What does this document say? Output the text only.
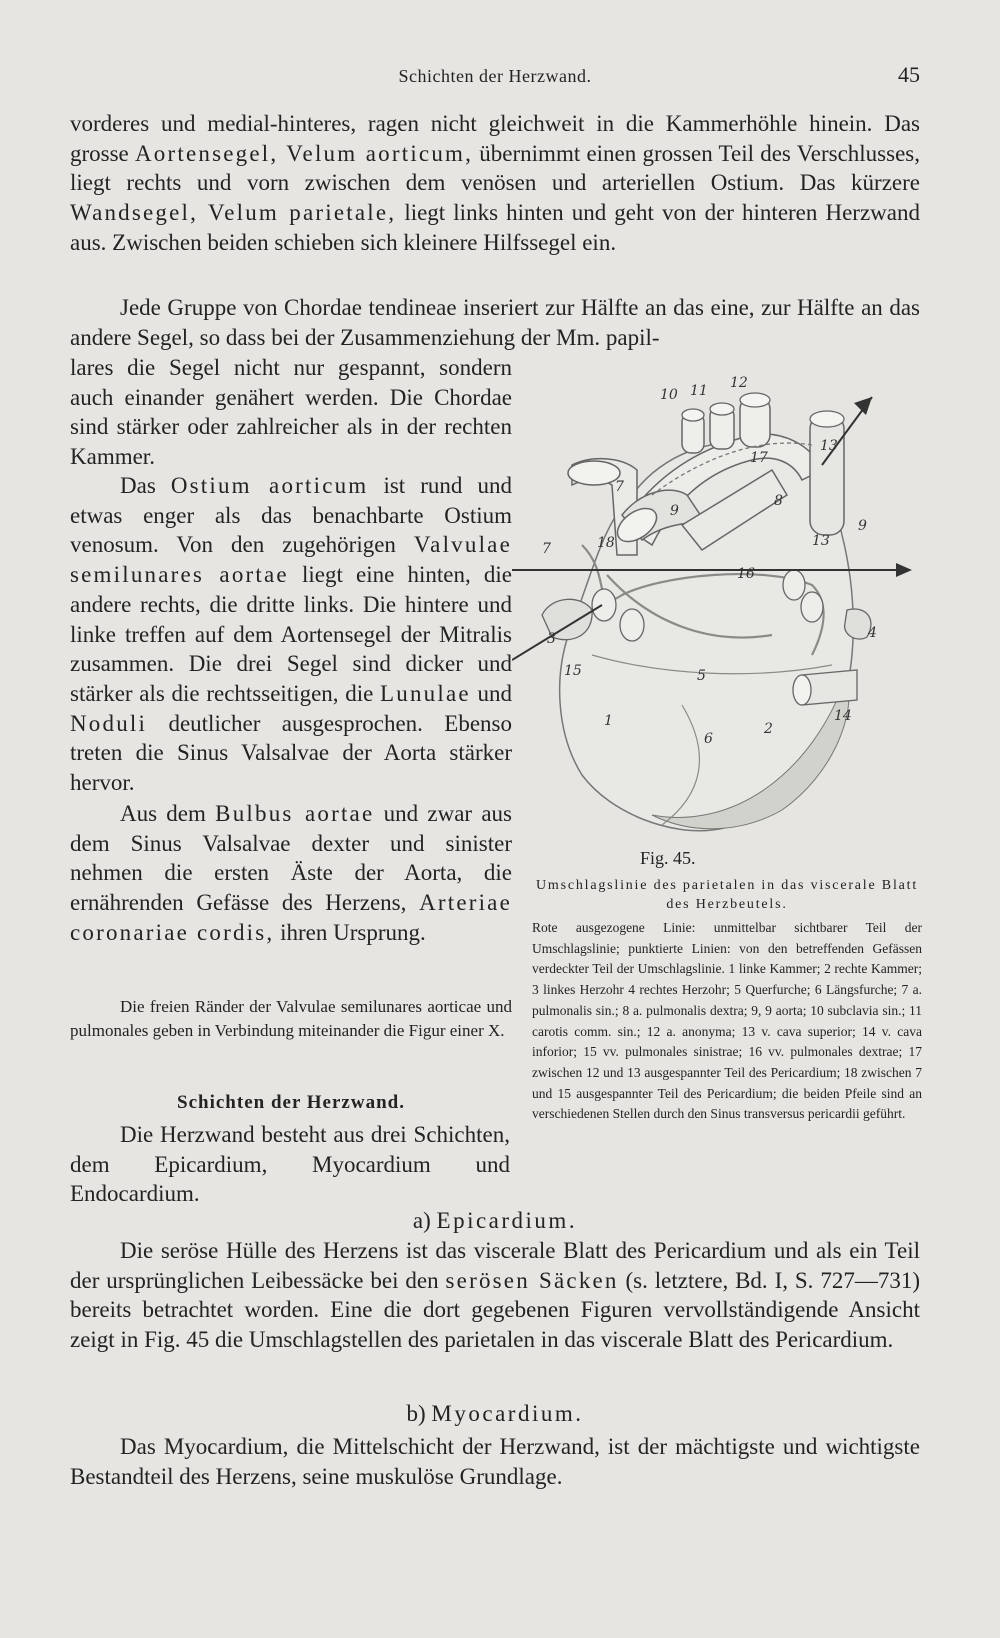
Schichten der Herzwand.	45
vorderes und medial-hinteres, ragen nicht gleichweit in die Kammerhöhle hinein. Das grosse Aortensegel, Velum aorticum, übernimmt einen grossen Teil des Verschlusses, liegt rechts und vorn zwischen dem venösen und arteriellen Ostium. Das kürzere Wandsegel, Velum parietale, liegt links hinten und geht von der hinteren Herzwand aus. Zwischen beiden schieben sich kleinere Hilfssegel ein.
Jede Gruppe von Chordae tendineae inseriert zur Hälfte an das eine, zur Hälfte an das andere Segel, so dass bei der Zusammenziehung der Mm. papil-
lares die Segel nicht nur gespannt, sondern auch einander genähert werden. Die Chordae sind stärker oder zahlreicher als in der rechten Kammer.
Das Ostium aorticum ist rund und etwas enger als das benachbarte Ostium venosum. Von den zugehörigen Valvulae semilunares aortae liegt eine hinten, die andere rechts, die dritte links. Die hintere und linke treffen auf dem Aortensegel der Mitralis zusammen. Die drei Segel sind dicker und stärker als die rechtsseitigen, die Lunulae und Noduli deutlicher ausgesprochen. Ebenso treten die Sinus Valsalvae der Aorta stärker hervor.
Aus dem Bulbus aortae und zwar aus dem Sinus Valsalvae dexter und sinister nehmen die ersten Äste der Aorta, die ernährenden Gefässe des Herzens, Arteriae coronariae cordis, ihren Ursprung.
Die freien Ränder der Valvulae semilunares aorticae und pulmonales geben in Verbindung miteinander die Figur einer X.
Schichten der Herzwand.
Die Herzwand besteht aus drei Schichten, dem Epicardium, Myocardium und Endocardium.
a) Epicardium.
Die seröse Hülle des Herzens ist das viscerale Blatt des Pericardium und als ein Teil der ursprünglichen Leibessäcke bei den serösen Säcken (s. letztere, Bd. I, S. 727—731) bereits betrachtet worden. Eine die dort gegebenen Figuren vervollständigende Ansicht zeigt in Fig. 45 die Umschlagstellen des parietalen in das viscerale Blatt des Pericardium.
b) Myocardium.
Das Myocardium, die Mittelschicht der Herzwand, ist der mächtigste und wichtigste Bestandteil des Herzens, seine muskulöse Grundlage.
1	2
3	4
5
6
7
7
8
9
9
10 11 12
13
13
14
15
16
17
18
Fig. 45.
Umschlagslinie des parietalen in das viscerale Blatt des Herzbeutels.
Rote ausgezogene Linie: unmittelbar sichtbarer Teil der Umschlagslinie; punktierte Linien: von den betreffenden Gefässen verdeckter Teil der Umschlagslinie. 1 linke Kammer; 2 rechte Kammer; 3 linkes Herzohr 4 rechtes Herzohr; 5 Querfurche; 6 Längsfurche; 7 a. pulmonalis sin.; 8 a. pulmonalis dextra; 9, 9 aorta; 10 subclavia sin.; 11 carotis comm. sin.; 12 a. anonyma; 13 v. cava superior; 14 v. cava inforior; 15 vv. pulmonales sinistrae; 16 vv. pulmonales dextrae; 17 zwischen 12 und 13 ausgespannter Teil des Pericardium; 18 zwischen 7 und 15 ausgespannter Teil des Pericardium; die beiden Pfeile sind an verschiedenen Stellen durch den Sinus transversus pericardii geführt.
